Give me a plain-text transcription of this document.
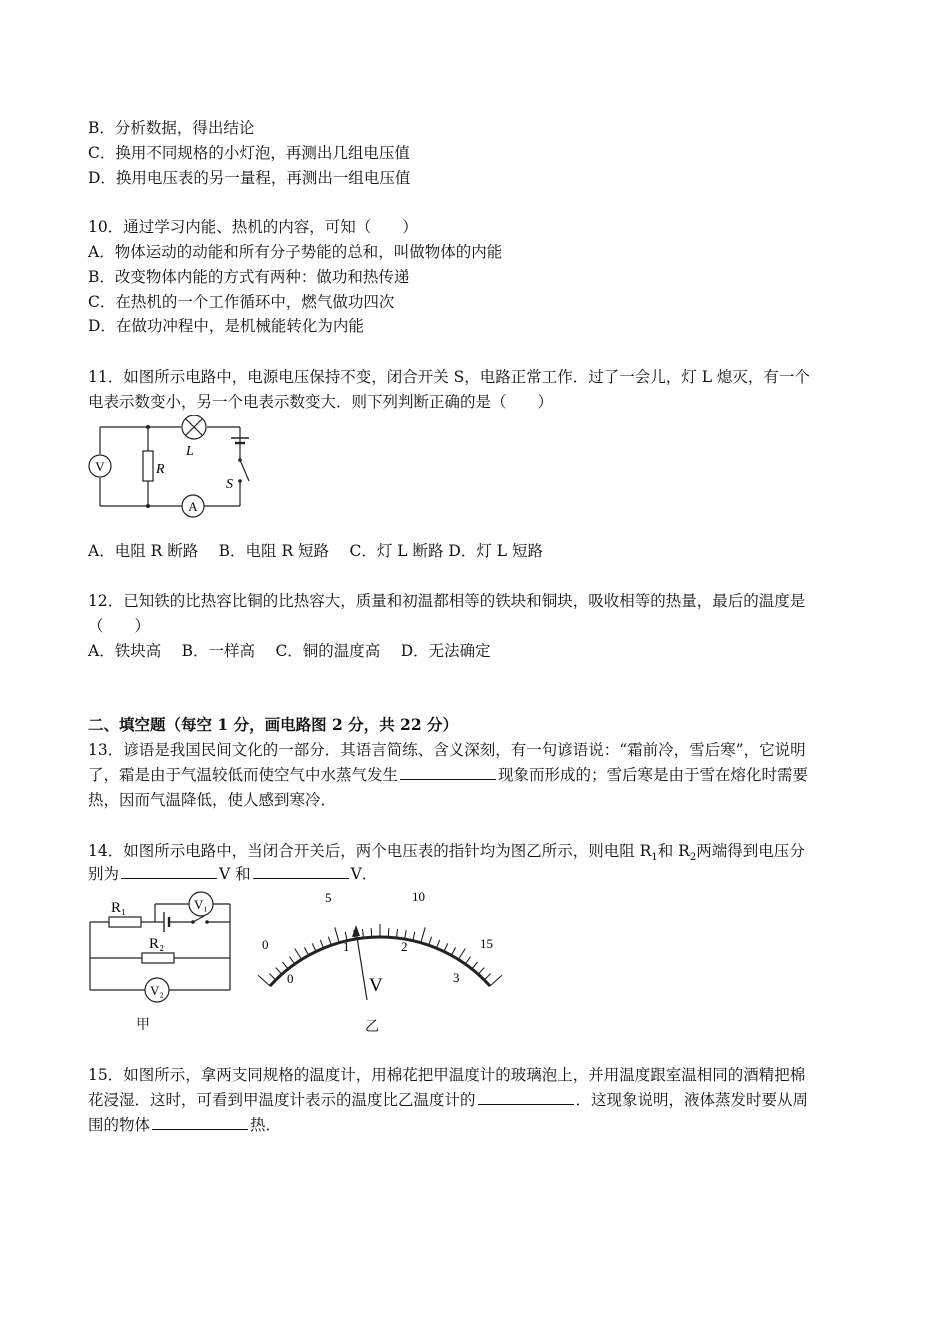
B．分析数据，得出结论
C．换用不同规格的小灯泡，再测出几组电压值
D．换用电压表的另一量程，再测出一组电压值
10．通过学习内能、热机的内容，可知（　　）
A．物体运动的动能和所有分子势能的总和，叫做物体的内能
B．改变物体内能的方式有两种：做功和热传递
C．在热机的一个工作循环中，燃气做功四次
D．在做功冲程中，是机械能转化为内能
11．如图所示电路中，电源电压保持不变，闭合开关 S，电路正常工作．过了一会儿，灯 L 熄灭，有一个
电表示数变小，另一个电表示数变大．则下列判断正确的是（　　）
V	R
L
S
A
A．电阻 R 断路　 B．电阻 R 短路　 C．灯 L 断路 D．灯 L 短路
12．已知铁的比热容比铜的比热容大，质量和初温都相等的铁块和铜块，吸收相等的热量，最后的温度是
（　　）
A．铁块高　 B．一样高　 C．铜的温度高　 D．无法确定
二、填空题（每空 1 分，画电路图 2 分，共 22 分）
13．谚语是我国民间文化的一部分．其语言简练、含义深刻，有一句谚语说：“霜前冷，雪后寒”，它说明
了，霜是由于气温较低而使空气中水蒸气发生	现象而形成的；雪后寒是由于雪在熔化时需要
热，因而气温降低，使人感到寒冷．
14．如图所示电路中，当闭合开关后，两个电压表的指针均为图乙所示，则电阻 $R_1$和 $R_2$两端得到电压分
别为	V 和	V．
R₁
R₂
V₁
V₂
甲
0
5	10
15
0
1	2
3
V
乙
15．如图所示，拿两支同规格的温度计，用棉花把甲温度计的玻璃泡上，并用温度跟室温相同的酒精把棉
花浸湿．这时，可看到甲温度计表示的温度比乙温度计的	．这现象说明，液体蒸发时要从周
围的物体	热．
